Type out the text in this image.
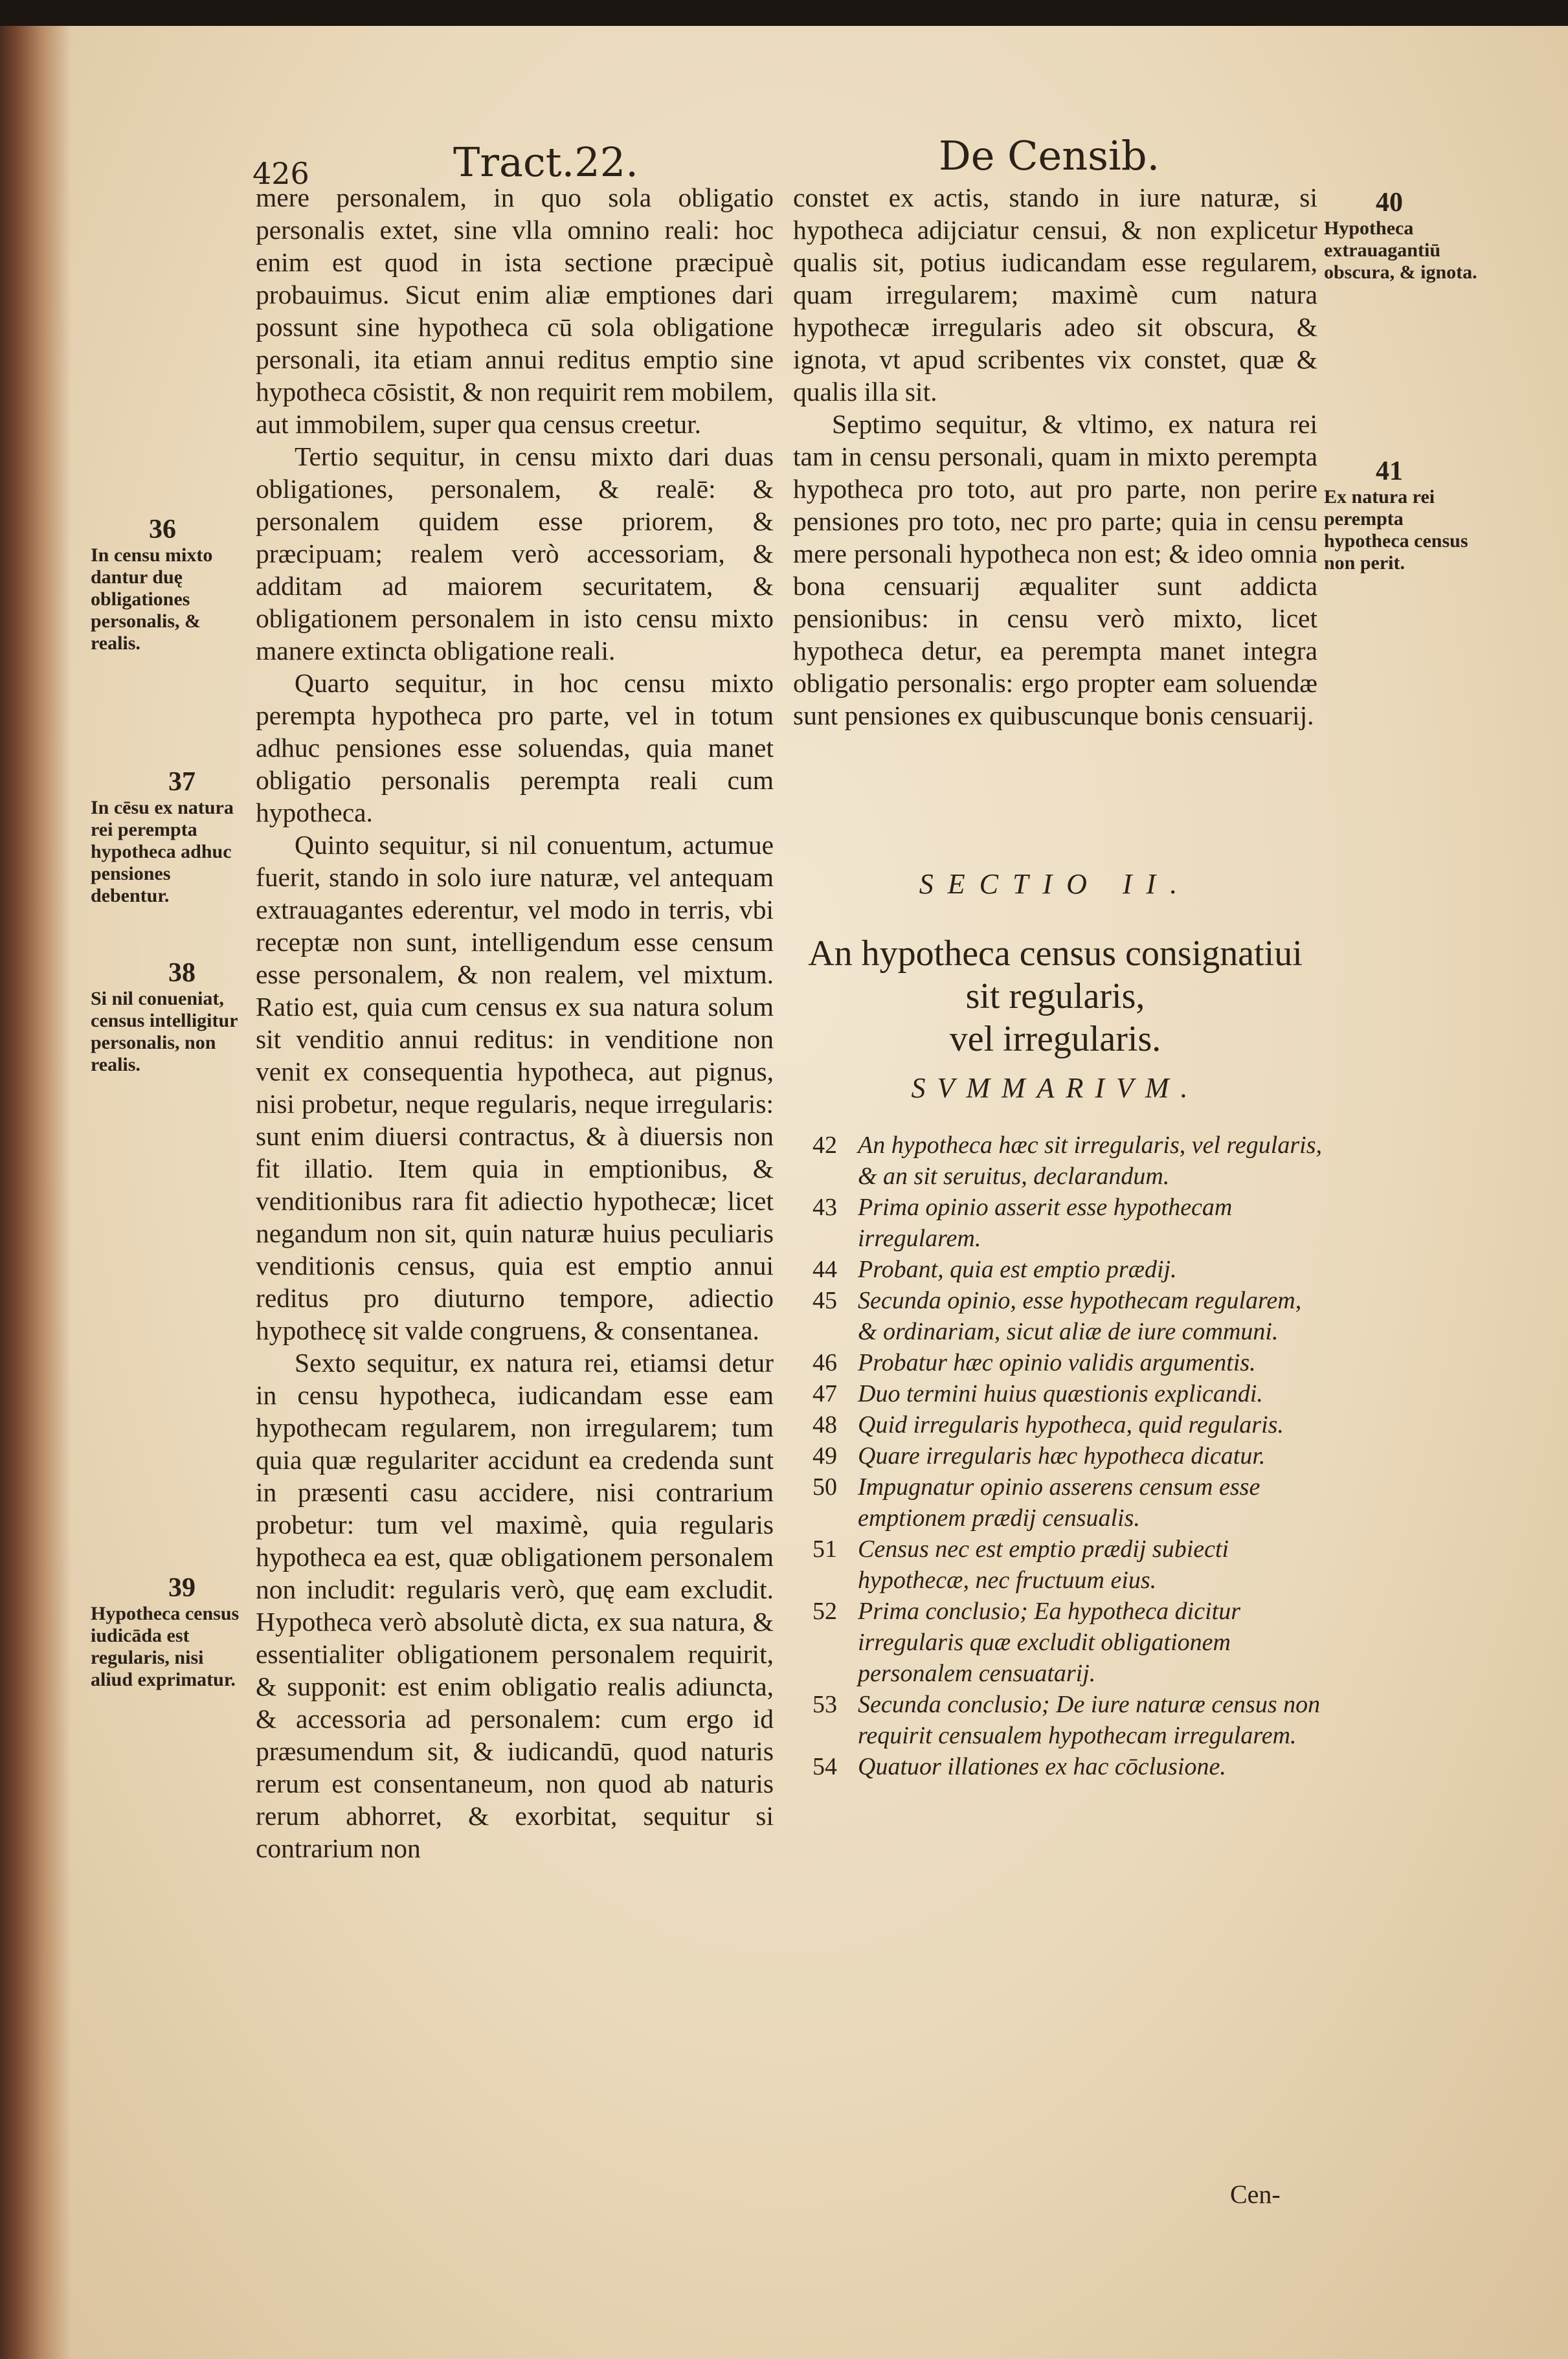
426	Tract.22.	De Censib.

mere personalem, in quo sola obligatio personalis extet, sine vlla omnino reali: hoc enim est quod in ista sectione præcipuè probauimus. Sicut enim aliæ emptiones dari possunt sine hypotheca cū sola obligatione personali, ita etiam annui reditus emptio sine hypotheca cōsistit, & non requirit rem mobilem, aut immobilem, super qua census creetur.

Tertio sequitur, in censu mixto dari duas obligationes, personalem, & realē: & personalem quidem esse priorem, & præcipuam; realem verò accessoriam, & additam ad maiorem securitatem, & obligationem personalem in isto censu mixto manere extincta obligatione reali.

Quarto sequitur, in hoc censu mixto perempta hypotheca pro parte, vel in totum adhuc pensiones esse soluendas, quia manet obligatio personalis perempta reali cum hypotheca.

Quinto sequitur, si nil conuentum, actumue fuerit, stando in solo iure naturæ, vel antequam extrauagantes ederentur, vel modo in terris, vbi receptæ non sunt, intelligendum esse censum esse personalem, & non realem, vel mixtum. Ratio est, quia cum census ex sua natura solum sit venditio annui reditus: in venditione non venit ex consequentia hypotheca, aut pignus, nisi probetur, neque regularis, neque irregularis: sunt enim diuersi contractus, & à diuersis non fit illatio. Item quia in emptionibus, & venditionibus rara fit adiectio hypothecæ; licet negandum non sit, quin naturæ huius peculiaris venditionis census, quia est emptio annui reditus pro diuturno tempore, adiectio hypothecę sit valde congruens, & consentanea.

Sexto sequitur, ex natura rei, etiamsi detur in censu hypotheca, iudicandam esse eam hypothecam regularem, non irregularem; tum quia quæ regulariter accidunt ea credenda sunt in præsenti casu accidere, nisi contrarium probetur: tum vel maximè, quia regularis hypotheca ea est, quæ obligationem personalem non includit: regularis verò, quę eam excludit. Hypotheca verò absolutè dicta, ex sua natura, & essentialiter obligationem personalem requirit, & supponit: est enim obligatio realis adiuncta, & accessoria ad personalem: cum ergo id præsumendum sit, & iudicandū, quod naturis rerum est consentaneum, non quod ab naturis rerum abhorret, & exorbitat, sequitur si contrarium non

36
In censu mixto dantur duę obligationes personalis, & realis.
37
In cēsu ex natura rei perempta hypotheca adhuc pensiones debentur.
38
Si nil conueniat, census intelligitur personalis, non realis.
39
Hypotheca census iudicāda est regularis, nisi aliud exprimatur.

constet ex actis, stando in iure naturæ, si hypotheca adijciatur censui, & non explicetur qualis sit, potius iudicandam esse regularem, quam irregularem; maximè cum natura hypothecæ irregularis adeo sit obscura, & ignota, vt apud scribentes vix constet, quæ & qualis illa sit.

Septimo sequitur, & vltimo, ex natura rei tam in censu personali, quam in mixto perempta hypotheca pro toto, aut pro parte, non perire pensiones pro toto, nec pro parte; quia in censu mere personali hypotheca non est; & ideo omnia bona censuarij æqualiter sunt addicta pensionibus: in censu verò mixto, licet hypotheca detur, ea perempta manet integra obligatio personalis: ergo propter eam soluendæ sunt pensiones ex quibuscunque bonis censuarij.

40
Hypotheca extrauagantiū obscura, & ignota.
41
Ex natura rei perempta hypotheca census non perit.
SECTIO II.
An hypotheca census consignatiui sit regularis,
vel irregularis.
SVMMARIVM.
42 An hypotheca hæc sit irregularis, vel regularis, & an sit seruitus, declarandum.
43 Prima opinio asserit esse hypothecam irregularem.
44 Probant, quia est emptio prædij.
45 Secunda opinio, esse hypothecam regularem, & ordinariam, sicut aliæ de iure communi.
46 Probatur hæc opinio validis argumentis.
47 Duo termini huius quæstionis explicandi.
48 Quid irregularis hypotheca, quid regularis.
49 Quare irregularis hæc hypotheca dicatur.
50 Impugnatur opinio asserens censum esse emptionem prædij censualis.
51 Census nec est emptio prædij subiecti hypothecæ, nec fructuum eius.
52 Prima conclusio; Ea hypotheca dicitur irregularis quæ excludit obligationem personalem censuatarij.
53 Secunda conclusio; De iure naturæ census non requirit censualem hypothecam irregularem.
54 Quatuor illationes ex hac cōclusione.
Cen-
